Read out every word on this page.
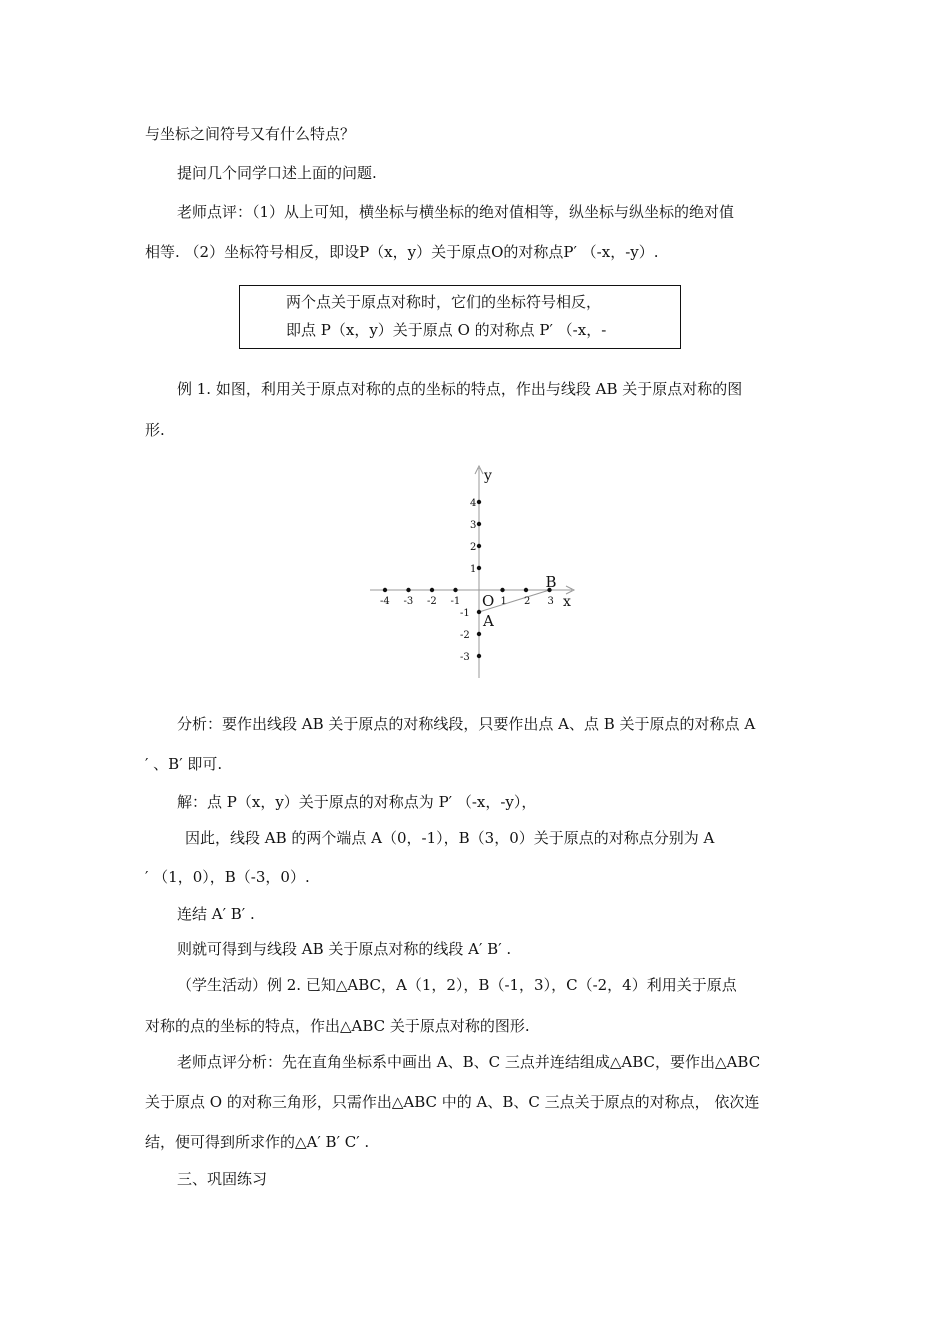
与坐标之间符号又有什么特点？
提问几个同学口述上面的问题.
老师点评：（1）从上可知，横坐标与横坐标的绝对值相等，纵坐标与纵坐标的绝对值
相等. （2）坐标符号相反，即设P（x，y）关于原点O的对称点P′ （-x，-y）.
两个点关于原点对称时，它们的坐标符号相反，
即点 P（x，y）关于原点 O 的对称点 P′ （-x，-
例 1. 如图，利用关于原点对称的点的坐标的特点，作出与线段 AB 关于原点对称的图
形.
-4 -3 -2 -1	1 2 3
4
3
2
1
-1
-2
-3
x
y
O
A
B
分析：要作出线段 AB 关于原点的对称线段，只要作出点 A、点 B 关于原点的对称点 A
′ 、B′ 即可.
解：点 P（x，y）关于原点的对称点为 P′ （-x，-y），
因此，线段 AB 的两个端点 A（0，-1），B（3，0）关于原点的对称点分别为 A
′ （1，0），B（-3，0）.
连结 A′ B′ .
则就可得到与线段 AB 关于原点对称的线段 A′ B′ .
（学生活动）例 2. 已知△ABC，A（1，2），B（-1，3），C（-2，4）利用关于原点
对称的点的坐标的特点，作出△ABC 关于原点对称的图形.
老师点评分析：先在直角坐标系中画出 A、B、C 三点并连结组成△ABC，要作出△ABC
关于原点 O 的对称三角形，只需作出△ABC 中的 A、B、C 三点关于原点的对称点， 依次连
结，便可得到所求作的△A′ B′ C′ .
三、巩固练习
